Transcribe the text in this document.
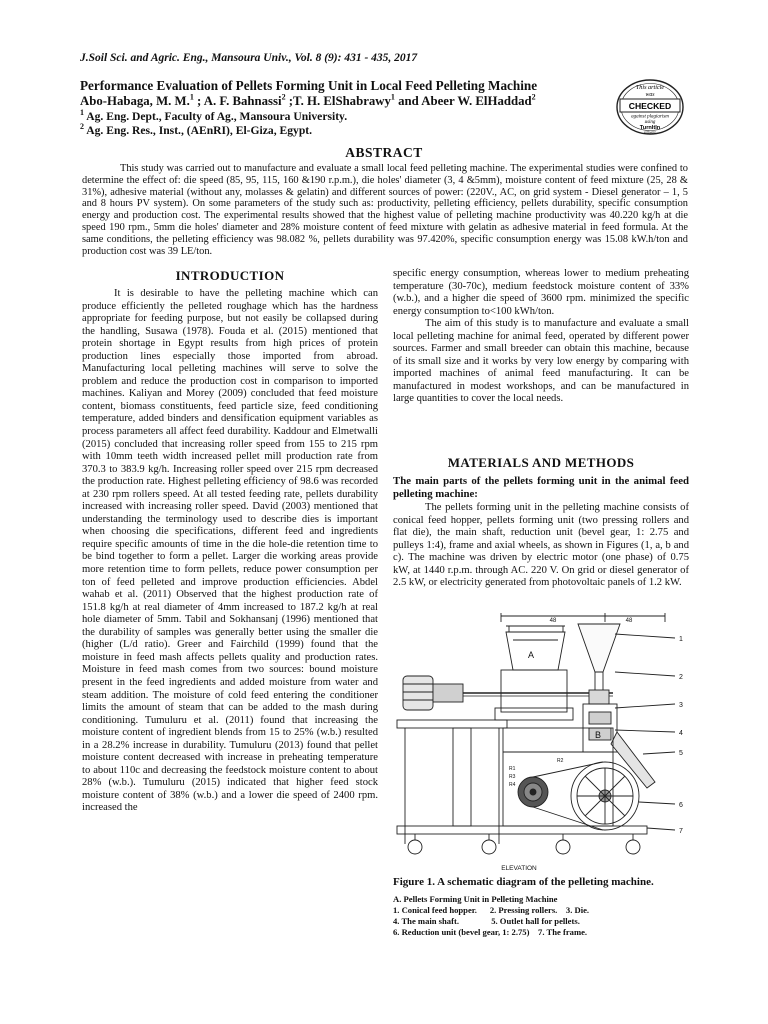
J.Soil Sci. and Agric. Eng., Mansoura Univ., Vol. 8 (9): 431 - 435, 2017
Performance Evaluation of Pellets Forming Unit in Local Feed Pelleting Machine
Abo-Habaga, M. M.$^1$ ; A. F. Bahnassi$^2$ ;T. H. ElShabrawy$^1$ and Abeer W. ElHaddad$^2$
$^1$ Ag. Eng. Dept., Faculty of Ag., Mansoura University.
$^2$ Ag. Eng. Res., Inst., (AEnRI), El-Giza, Egypt.
This article
was
CHECKED
against plagiarism
using
TurnItIn
software
ABSTRACT
This study was carried out to manufacture and evaluate a small local feed pelleting machine. The experimental studies were confined to determine the effect of: die speed (85, 95, 115, 160 &190 r.p.m.), die holes' diameter (3, 4 &5mm), moisture content of feed mixture (25, 28 & 31%), adhesive material (without any, molasses & gelatin) and different sources of power: (220V., AC, on grid system - Diesel generator – 1, 5 and 8 hours PV system). On some parameters of the study such as: productivity, pelleting efficiency, pellets durability, specific consumption energy and production cost. The experimental results showed that the highest value of pelleting machine productivity was 40.220 kg/h at die speed 190 rpm., 5mm die holes' diameter and 28% moisture content of feed mixture with gelatin as adhesive material in feed formula. At the same conditions, the pelleting efficiency was 98.082 %, pellets durability was 97.420%, specific consumption energy was 15.08 kW.h/ton and production cost was 39 LE/ton.
INTRODUCTION

It is desirable to have the pelleting machine which can produce efficiently the pelleted roughage which has the hardness appropriate for feeding purpose, but not easily be collapsed during the handling, Susawa (1978). Fouda et al. (2015) mentioned that protein shortage in Egypt results from high prices of protein production lines especially those imported from abroad. Manufacturing local pelleting machines will serve to solve the problem and reduce the production cost in comparison to imported machines. Kaliyan and Morey (2009) concluded that feed moisture content, biomass constituents, feed particle size, feed conditioning temperature, added binders and densification equipment variables as process parameters all affect feed durability. Kaddour and Elmetwalli (2015) concluded that increasing roller speed from 155 to 215 rpm with 10mm teeth width increased pellet mill production rate from 370.3 to 383.9 kg/h. Increasing roller speed over 215 rpm decreased the production rate. Highest pelleting efficiency of 98.6 was recorded at 230 rpm rollers speed. At all tested feeding rate, pellets durability increased with increasing roller speed. David (2003) mentioned that understanding the terminology used to describe dies is important when choosing die specifications, different feed and ingredients require specific amounts of time in the die hole-die retention time to be bind together to form a pellet. Larger die working areas provide more retention time to form pellets, reduce power consumption per ton of feed pelleted and improve production efficiencies. Abdel wahab et al. (2011) Observed that the highest production rate of 151.8 kg/h at real diameter of 4mm increased to 187.2 kg/h at real hole diameter of 5mm. Tabil and Sokhansanj (1996) mentioned that the durability of samples was generally better using the smaller die (higher (L/d ratio). Greer and Fairchild (1999) found that the moisture in feed mash affects pellets quality and production rates. Moisture in feed mash comes from two sources: bound moisture present in the feed ingredients and added moisture from water and steam addition. The moisture of cold feed entering the conditioner limits the amount of steam that can be added to the mash during conditioning. Tumuluru et al. (2011) found that increasing the moisture content of ingredient blends from 15 to 25% (w.b.) resulted in a 28.2% increase in durability. Tumuluru (2013) found that pellet moisture content decreased with increase in preheating temperature to about 110c and decreasing the feedstock moisture content to about 28% (w.b.). Tumuluru (2015) indicated that higher feed stock moisture content of 38% (w.b.) and a lower die speed of 2400 rpm. increased the

specific energy consumption, whereas lower to medium preheating temperature (30-70c), medium feedstock moisture content of 33% (w.b.), and a higher die speed of 3600 rpm. minimized the specific energy consumption to<100 kWh/ton.

The aim of this study is to manufacture and evaluate a small local pelleting machine for animal feed, operated by different power sources. Farmer and small breeder can obtain this machine, because of its small size and it works by very low energy by comparing with imported machines of animal feed manufacturing. It can be manufactured in modest workshops, and can be manufactured in large quantities to cover the local needs.

MATERIALS AND METHODS
The main parts of the pellets forming unit in the animal feed pelleting machine:

The pellets forming unit in the pelleting machine consists of conical feed hopper, pellets forming unit (two pressing rollers and flat die), the main shaft, reduction unit (bevel gear, 1: 2.75 and pulleys 1:4), frame and axial wheels, as shown in Figures (1, a, b and c). The machine was driven by electric motor (one phase) of 0.75 kW, at 1440 r.p.m. through AC. 220 V. On grid or diesel generator of 2.5 kW, or electricity generated from photovoltaic panels of 1.2 kW.

48	48
A
B
1
2
3
4
5
6
7
R1
R2
R3
R4
ELEVATION
Figure 1. A schematic diagram of the pelleting machine.
A. Pellets Forming Unit in Pelleting Machine
1. Conical feed hopper.      2. Pressing rollers.    3. Die.
4. The main shaft.               5. Outlet hall for pellets.
6. Reduction unit (bevel gear, 1: 2.75)    7. The frame.
